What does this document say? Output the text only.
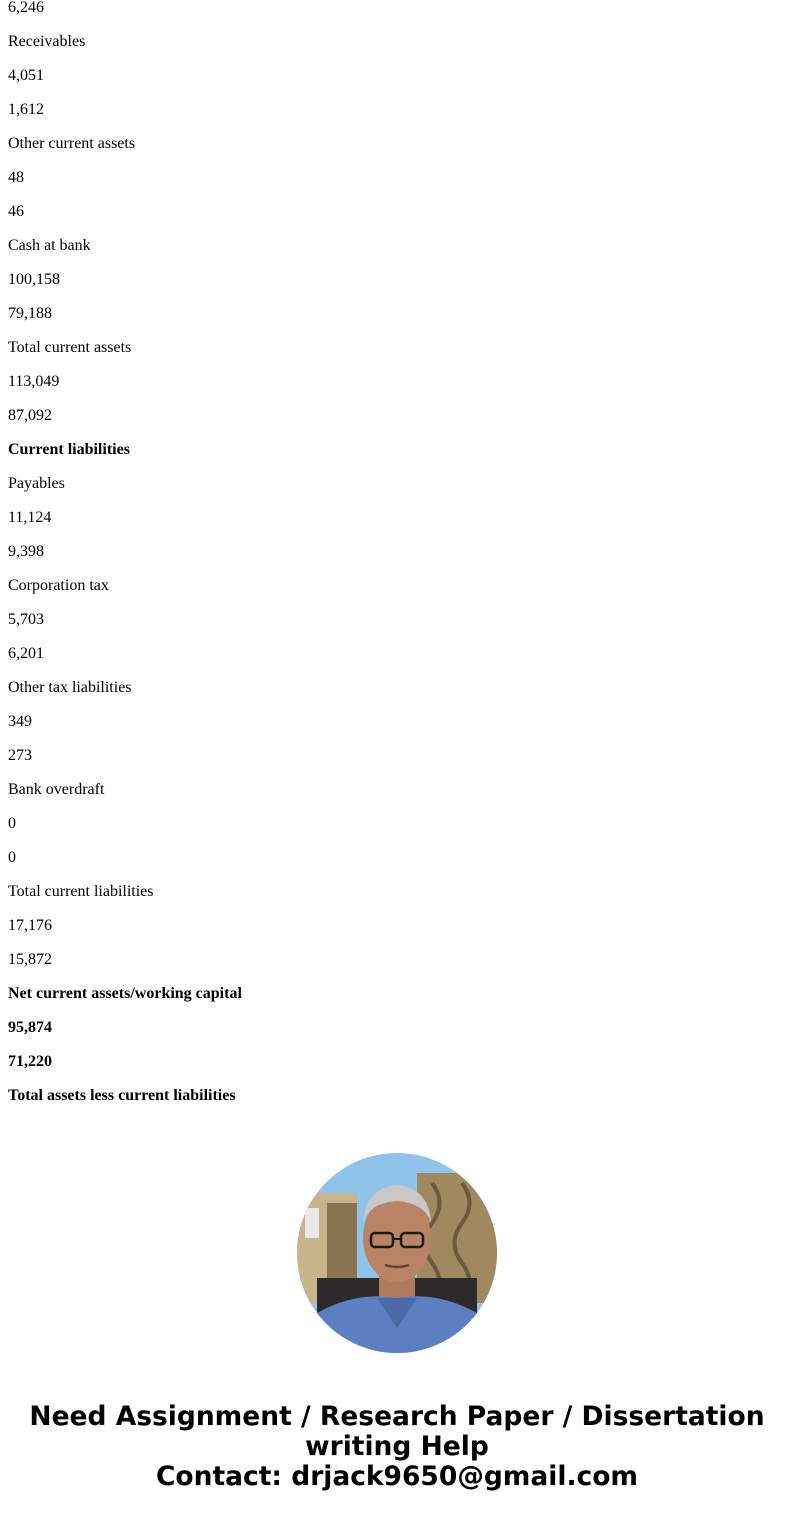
6,246
Receivables
4,051
1,612
Other current assets
48
46
Cash at bank
100,158
79,188
Total current assets
113,049
87,092
Current liabilities
Payables
11,124
9,398
Corporation tax
5,703
6,201
Other tax liabilities
349
273
Bank overdraft
0
0
Total current liabilities
17,176
15,872
Net current assets/working capital
95,874
71,220
Total assets less current liabilities
Need Assignment / Research Paper / Dissertation
writing Help
Contact: drjack9650@gmail.com
